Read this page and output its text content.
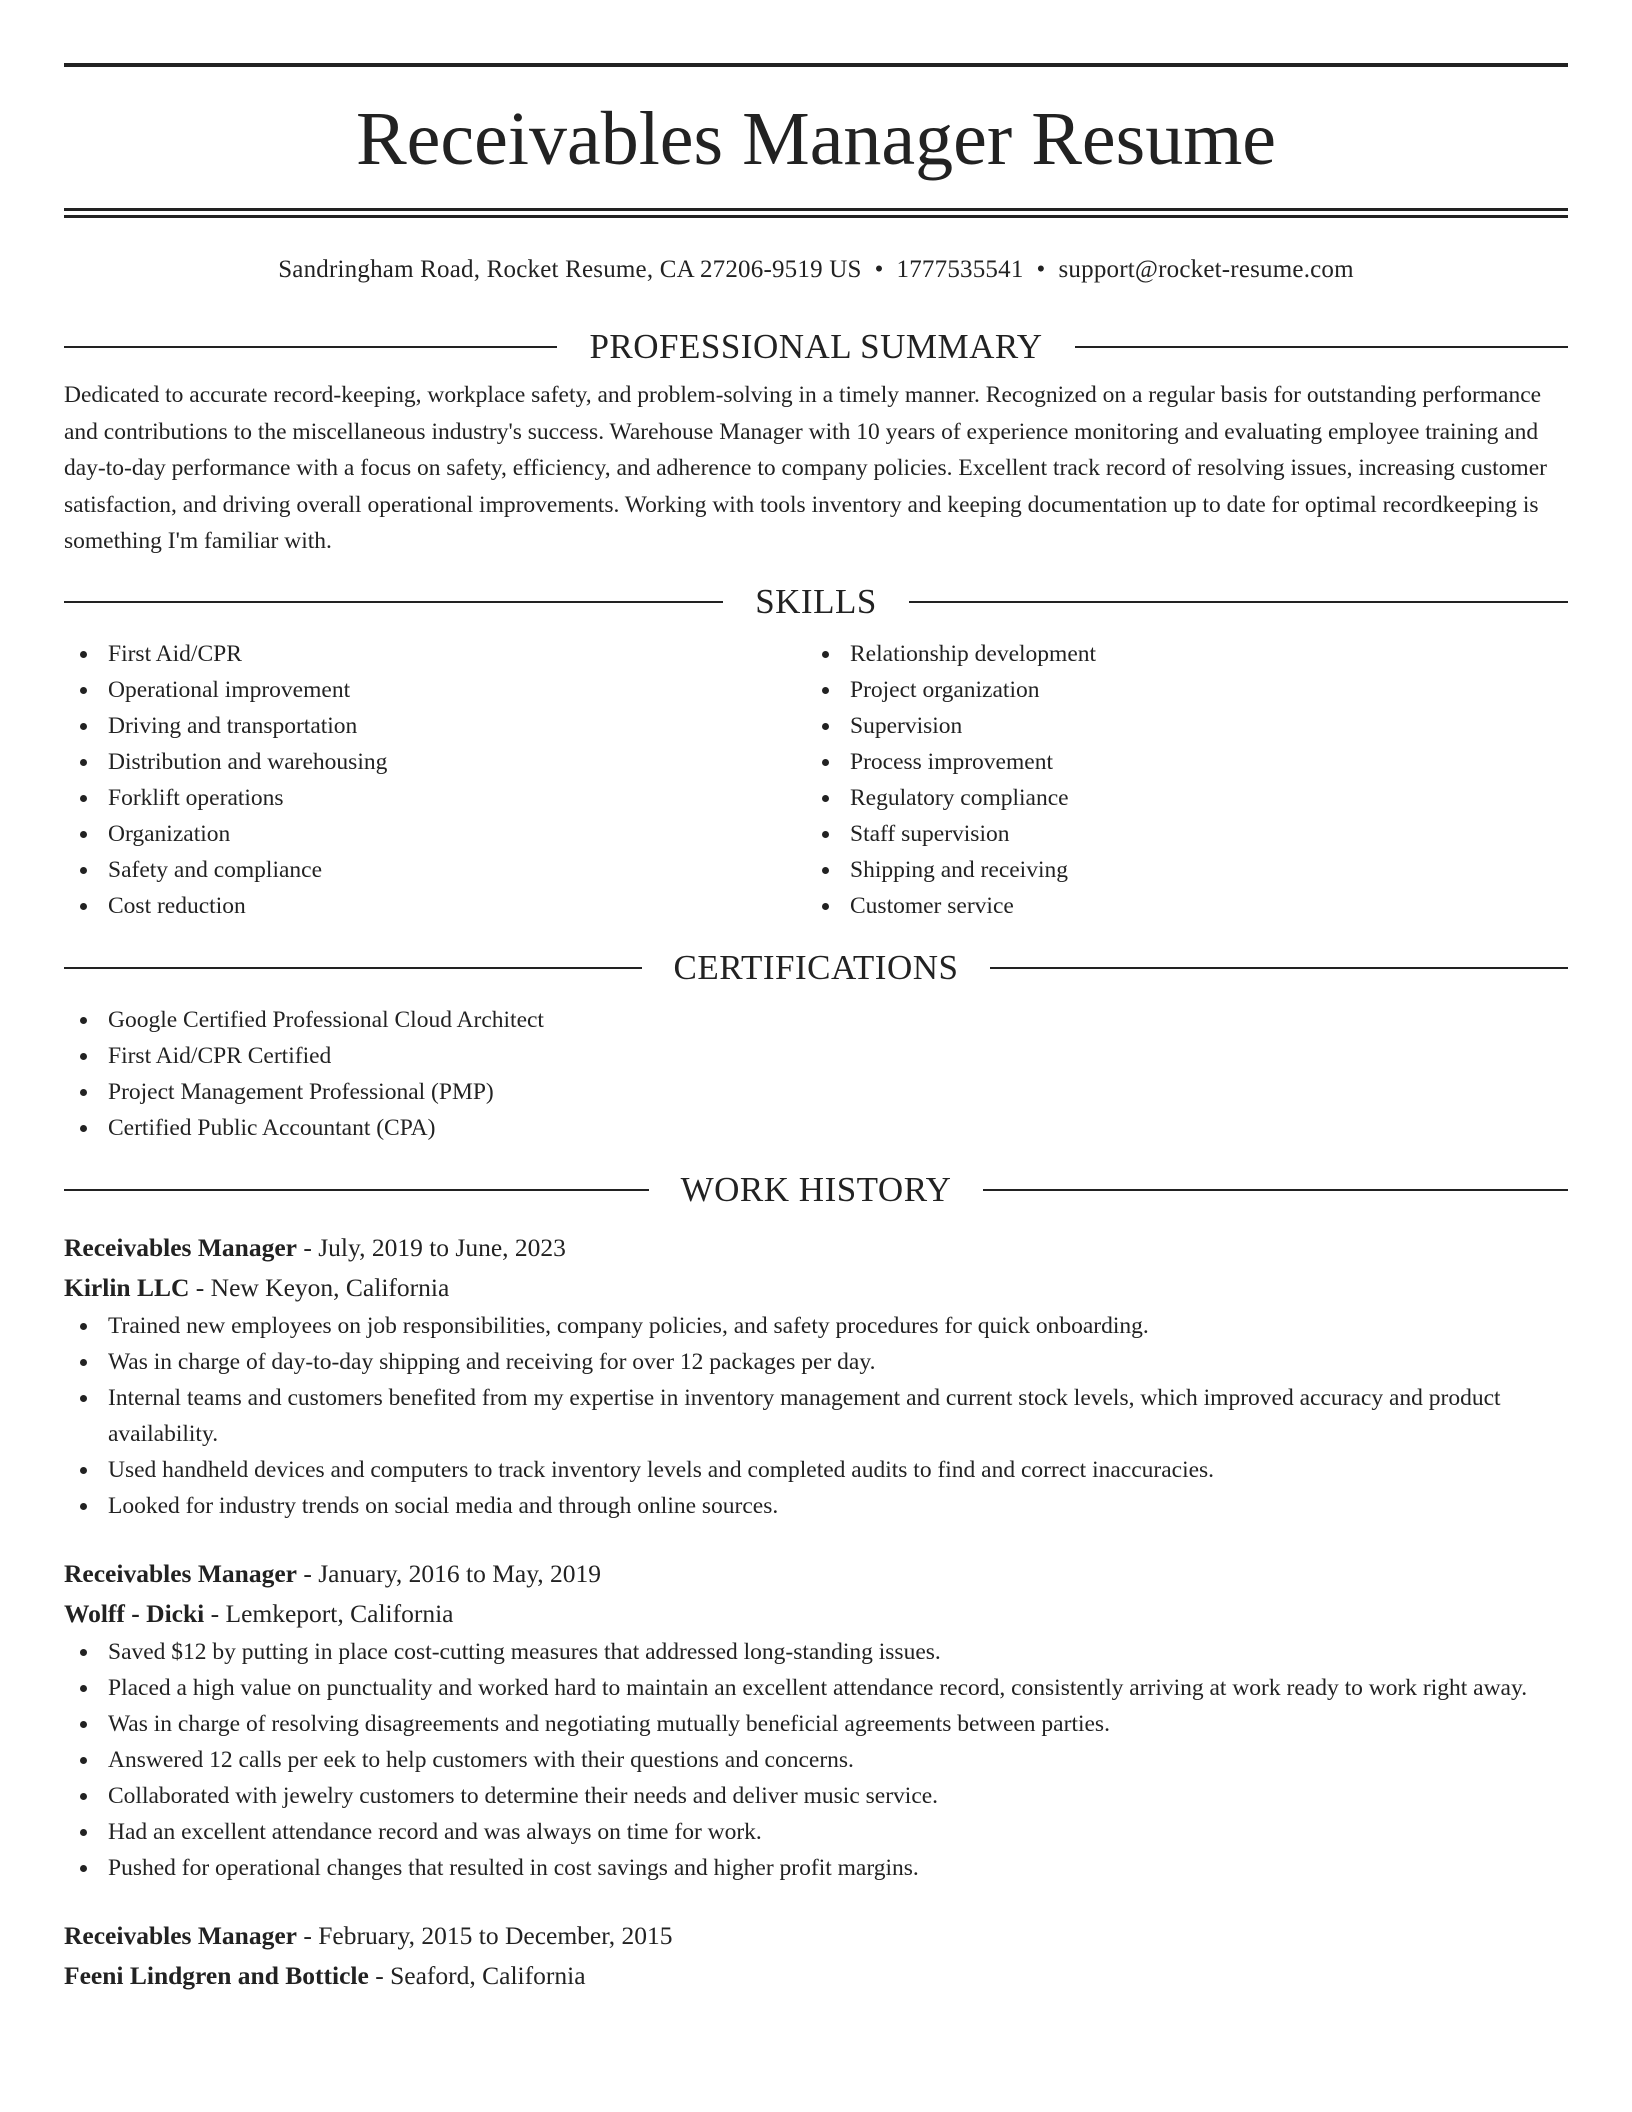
Receivables Manager Resume
Sandringham Road, Rocket Resume, CA 27206-9519 US • 1777535541 • support@rocket-resume.com
PROFESSIONAL SUMMARY
Dedicated to accurate record-keeping, workplace safety, and problem-solving in a timely manner. Recognized on a regular basis for outstanding performance and contributions to the miscellaneous industry's success. Warehouse Manager with 10 years of experience monitoring and evaluating employee training and day-to-day performance with a focus on safety, efficiency, and adherence to company policies. Excellent track record of resolving issues, increasing customer satisfaction, and driving overall operational improvements. Working with tools inventory and keeping documentation up to date for optimal recordkeeping is something I'm familiar with.
SKILLS
First Aid/CPR
Operational improvement
Driving and transportation
Distribution and warehousing
Forklift operations
Organization
Safety and compliance
Cost reduction
Relationship development
Project organization
Supervision
Process improvement
Regulatory compliance
Staff supervision
Shipping and receiving
Customer service
CERTIFICATIONS
Google Certified Professional Cloud Architect
First Aid/CPR Certified
Project Management Professional (PMP)
Certified Public Accountant (CPA)
WORK HISTORY
Receivables Manager - July, 2019 to June, 2023
Kirlin LLC - New Keyon, California
Trained new employees on job responsibilities, company policies, and safety procedures for quick onboarding.
Was in charge of day-to-day shipping and receiving for over 12 packages per day.
Internal teams and customers benefited from my expertise in inventory management and current stock levels, which improved accuracy and product availability.
Used handheld devices and computers to track inventory levels and completed audits to find and correct inaccuracies.
Looked for industry trends on social media and through online sources.
Receivables Manager - January, 2016 to May, 2019
Wolff - Dicki - Lemkeport, California
Saved $12 by putting in place cost-cutting measures that addressed long-standing issues.
Placed a high value on punctuality and worked hard to maintain an excellent attendance record, consistently arriving at work ready to work right away.
Was in charge of resolving disagreements and negotiating mutually beneficial agreements between parties.
Answered 12 calls per eek to help customers with their questions and concerns.
Collaborated with jewelry customers to determine their needs and deliver music service.
Had an excellent attendance record and was always on time for work.
Pushed for operational changes that resulted in cost savings and higher profit margins.
Receivables Manager - February, 2015 to December, 2015
Feeni Lindgren and Botticle - Seaford, California
